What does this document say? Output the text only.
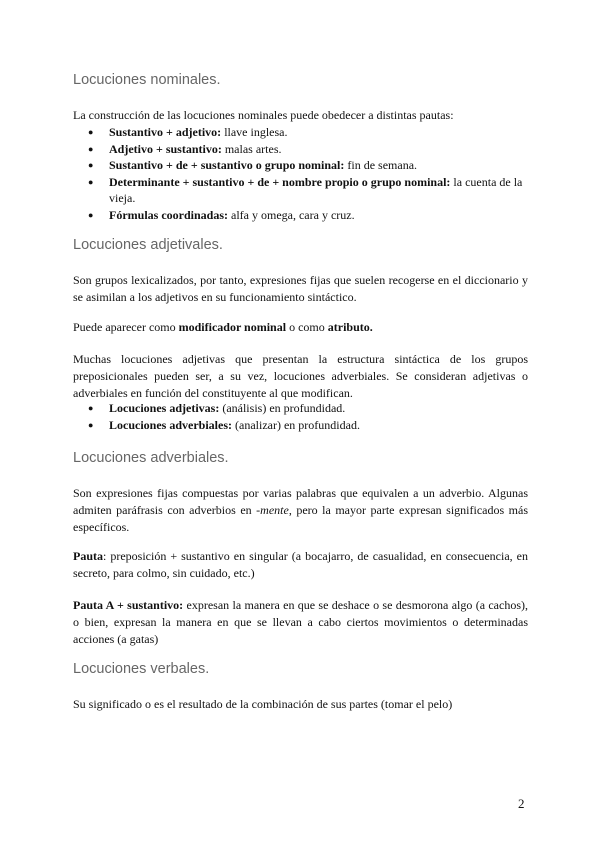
Locuciones nominales.

La construcción de las locuciones nominales puede obedecer a distintas pautas:

● Sustantivo + adjetivo: llave inglesa.
● Adjetivo + sustantivo: malas artes.
● Sustantivo + de + sustantivo o grupo nominal: fin de semana.
● Determinante + sustantivo + de + nombre propio o grupo nominal: la cuenta de la vieja.
● Fórmulas coordinadas: alfa y omega, cara y cruz.
Locuciones adjetivales.

Son grupos lexicalizados, por tanto, expresiones fijas que suelen recogerse en el diccionario y se asimilan a los adjetivos en su funcionamiento sintáctico.

Puede aparecer como modificador nominal o como atributo.

Muchas locuciones adjetivas que presentan la estructura sintáctica de los grupos preposicionales pueden ser, a su vez, locuciones adverbiales. Se consideran adjetivas o adverbiales en función del constituyente al que modifican.

● Locuciones adjetivas: (análisis) en profundidad.
● Locuciones adverbiales: (analizar) en profundidad.
Locuciones adverbiales.

Son expresiones fijas compuestas por varias palabras que equivalen a un adverbio. Algunas admiten paráfrasis con adverbios en -mente, pero la mayor parte expresan significados más específicos.

Pauta: preposición + sustantivo en singular (a bocajarro, de casualidad, en consecuencia, en secreto, para colmo, sin cuidado, etc.)

Pauta A + sustantivo: expresan la manera en que se deshace o se desmorona algo (a cachos), o bien, expresan la manera en que se llevan a cabo ciertos movimientos o determinadas acciones (a gatas)

Locuciones verbales.

Su significado o es el resultado de la combinación de sus partes (tomar el pelo)

2
